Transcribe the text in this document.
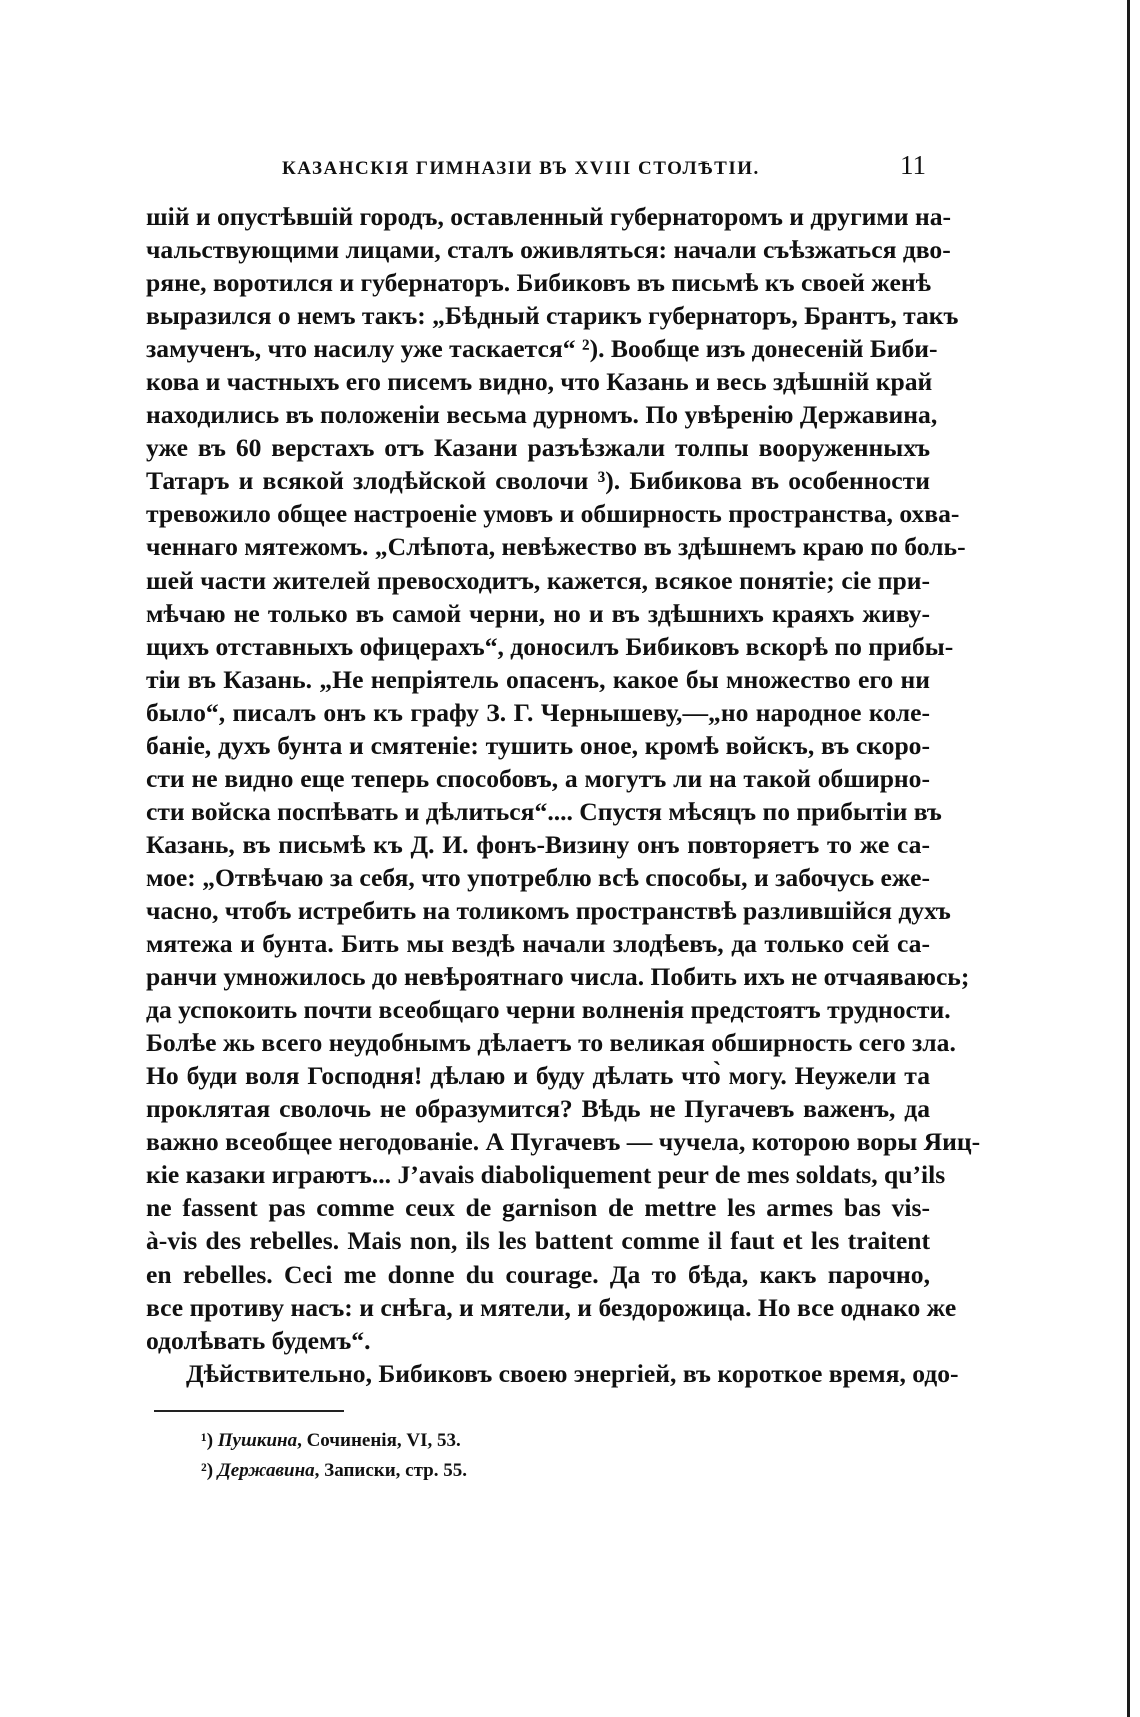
КАЗАНСКІЯ ГИМНАЗІИ ВЪ XVIII СТОЛѢТІИ.	11
шій и опустѣвшій городъ, оставленный губернаторомъ и другими на-
чальствующими лицами, сталъ оживляться: начали съѣзжаться дво-
ряне, воротился и губернаторъ. Бибиковъ въ письмѣ къ своей женѣ
выразился о немъ такъ: „Бѣдный старикъ губернаторъ, Брантъ, такъ
замученъ, что насилу уже таскается“ ²). Вообще изъ донесеній Биби-
кова и частныхъ его писемъ видно, что Казань и весь здѣшній край
находились въ положеніи весьма дурномъ. По увѣренію Державина,
уже въ 60 верстахъ отъ Казани разъѣзжали толпы вооруженныхъ
Татаръ и всякой злодѣйской сволочи ³). Бибикова въ особенности
тревожило общее настроеніе умовъ и обширность пространства, охва-
ченнаго мятежомъ. „Слѣпота, невѣжество въ здѣшнемъ краю по боль-
шей части жителей превосходитъ, кажется, всякое понятіе; сіе при-
мѣчаю не только въ самой черни, но и въ здѣшнихъ краяхъ живу-
щихъ отставныхъ офицерахъ“, доносилъ Бибиковъ вскорѣ по прибы-
тіи въ Казань. „Не непріятель опасенъ, какое бы множество его ни
было“, писалъ онъ къ графу З. Г. Чернышеву,—„но народное коле-
баніе, духъ бунта и смятеніе: тушить оное, кромѣ войскъ, въ скоро-
сти не видно еще теперь способовъ, а могутъ ли на такой обширно-
сти войска поспѣвать и дѣлиться“.... Спустя мѣсяцъ по прибытіи въ
Казань, въ письмѣ къ Д. И. фонъ-Визину онъ повторяетъ то же са-
мое: „Отвѣчаю за себя, что употреблю всѣ способы, и забочусь еже-
часно, чтобъ истребить на толикомъ пространствѣ разлившійся духъ
мятежа и бунта. Бить мы вездѣ начали злодѣевъ, да только сей са-
ранчи умножилось до невѣроятнаго числа. Побить ихъ не отчаяваюсь;
да успокоить почти всеобщаго черни волненія предстоятъ трудности.
Болѣе жь всего неудобнымъ дѣлаетъ то великая обширность сего зла.
Но буди воля Господня! дѣлаю и буду дѣлать что̀ могу. Неужели та
проклятая сволочь не образумится? Вѣдь не Пугачевъ важенъ, да
важно всеобщее негодованіе. А Пугачевъ — чучела, которою воры Яиц-
кіе казаки играютъ... J’avais diaboliquement peur de mes soldats, qu’ils
ne fassent pas comme ceux de garnison de mettre les armes bas vis-
à-vis des rebelles. Mais non, ils les battent comme il faut et les traitent
en rebelles. Ceci me donne du courage. Да то бѣда, какъ парочно,
все противу насъ: и снѣга, и мятели, и бездорожица. Но все однако же
одолѣвать будемъ“.
Дѣйствительно, Бибиковъ своею энергіей, въ короткое время, одо-
¹) Пушкина, Сочиненія, VI, 53.
²) Державина, Записки, стр. 55.
